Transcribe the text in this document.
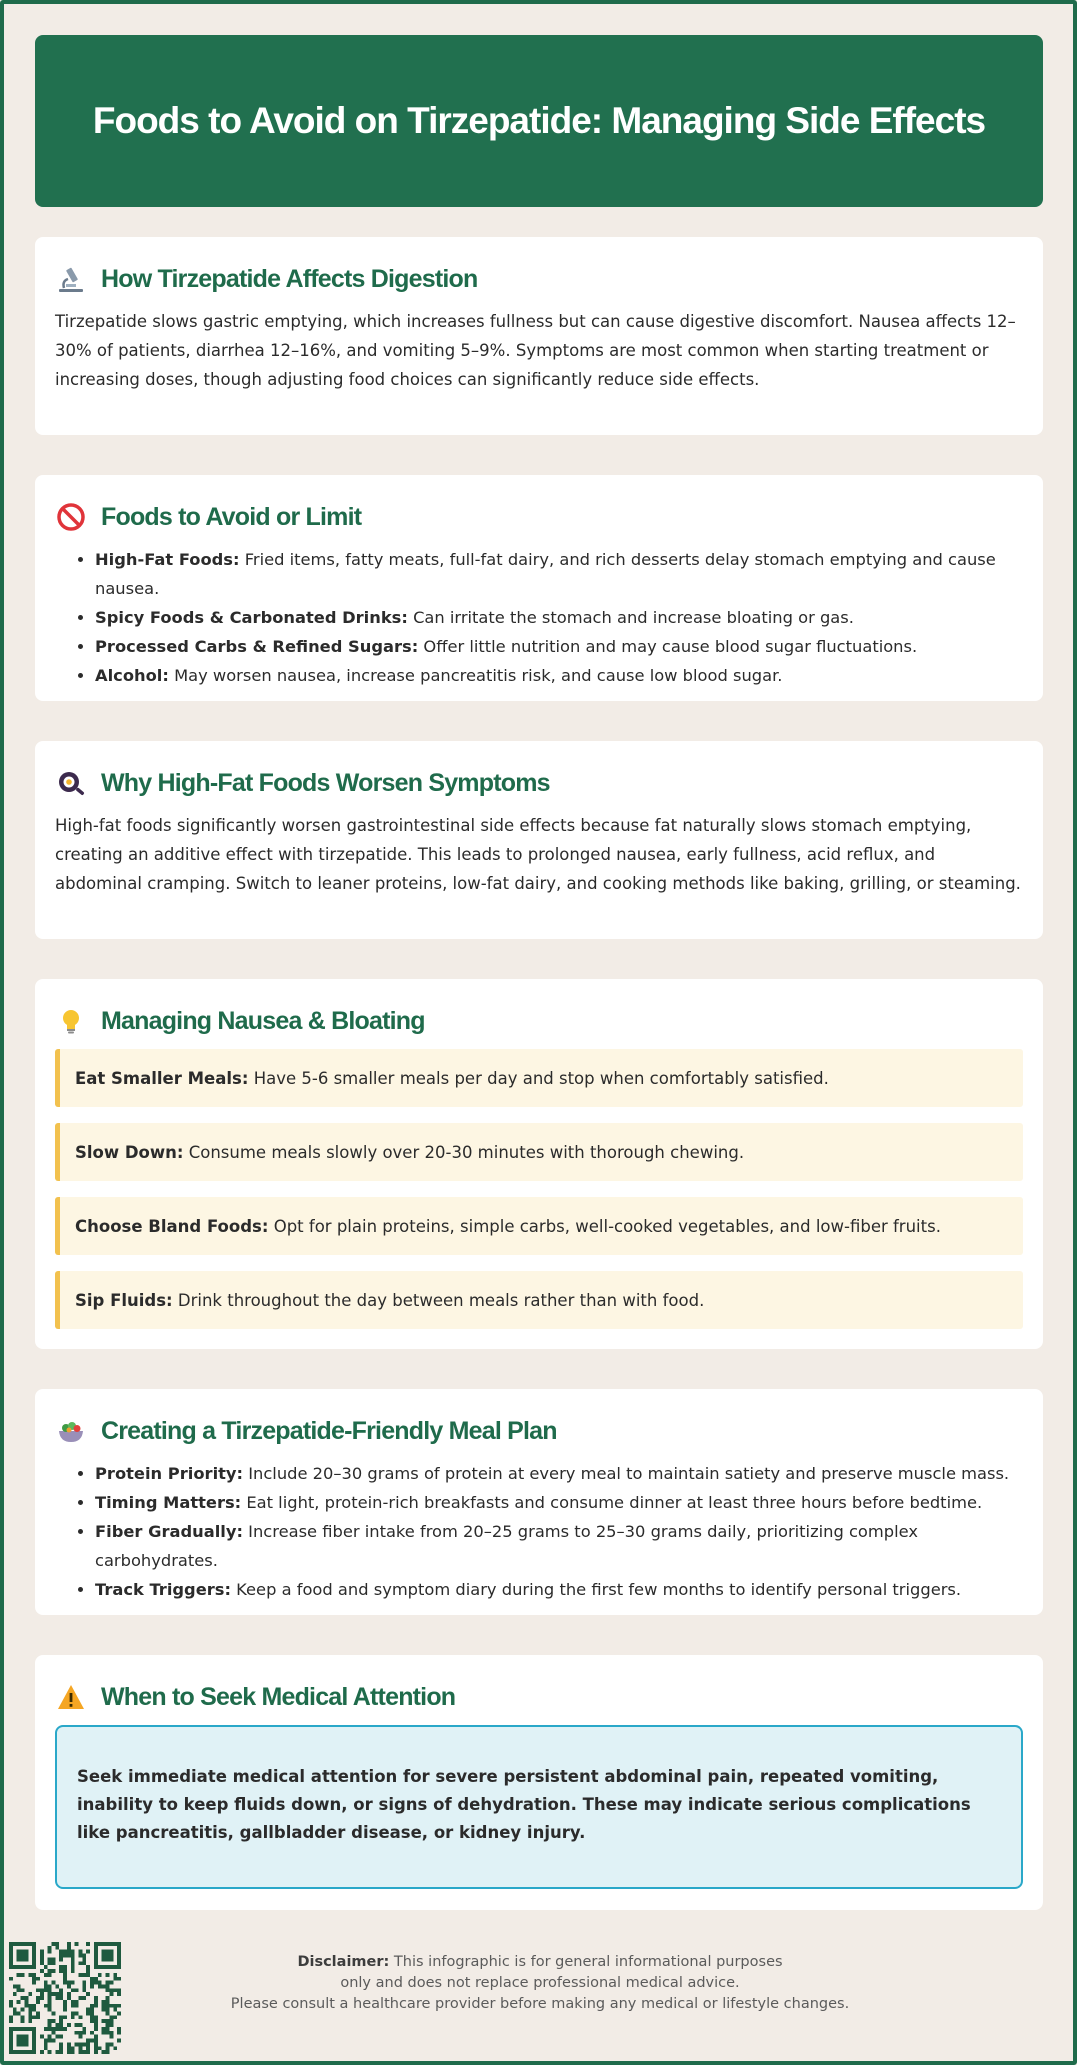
Foods to Avoid on Tirzepatide: Managing Side Effects
How Tirzepatide Affects Digestion

Tirzepatide slows gastric emptying, which increases fullness but can cause digestive discomfort. Nausea affects 12–30% of patients, diarrhea 12–16%, and vomiting 5–9%. Symptoms are most common when starting treatment or increasing doses, though adjusting food choices can significantly reduce side effects.

Foods to Avoid or Limit
• High-Fat Foods: Fried items, fatty meats, full-fat dairy, and rich desserts delay stomach emptying and cause nausea.
• Spicy Foods & Carbonated Drinks: Can irritate the stomach and increase bloating or gas.
• Processed Carbs & Refined Sugars: Offer little nutrition and may cause blood sugar fluctuations.
• Alcohol: May worsen nausea, increase pancreatitis risk, and cause low blood sugar.
Why High-Fat Foods Worsen Symptoms

High-fat foods significantly worsen gastrointestinal side effects because fat naturally slows stomach emptying, creating an additive effect with tirzepatide. This leads to prolonged nausea, early fullness, acid reflux, and abdominal cramping. Switch to leaner proteins, low-fat dairy, and cooking methods like baking, grilling, or steaming.

Managing Nausea & Bloating
Eat Smaller Meals: Have 5-6 smaller meals per day and stop when comfortably satisfied.
Slow Down: Consume meals slowly over 20-30 minutes with thorough chewing.
Choose Bland Foods: Opt for plain proteins, simple carbs, well-cooked vegetables, and low-fiber fruits.
Sip Fluids: Drink throughout the day between meals rather than with food.
Creating a Tirzepatide-Friendly Meal Plan
• Protein Priority: Include 20–30 grams of protein at every meal to maintain satiety and preserve muscle mass.
• Timing Matters: Eat light, protein-rich breakfasts and consume dinner at least three hours before bedtime.
• Fiber Gradually: Increase fiber intake from 20–25 grams to 25–30 grams daily, prioritizing complex carbohydrates.
• Track Triggers: Keep a food and symptom diary during the first few months to identify personal triggers.
When to Seek Medical Attention
Seek immediate medical attention for severe persistent abdominal pain, repeated vomiting, inability to keep fluids down, or signs of dehydration. These may indicate serious complications like pancreatitis, gallbladder disease, or kidney injury.
Disclaimer: This infographic is for general informational purposes
only and does not replace professional medical advice.
Please consult a healthcare provider before making any medical or lifestyle changes.
